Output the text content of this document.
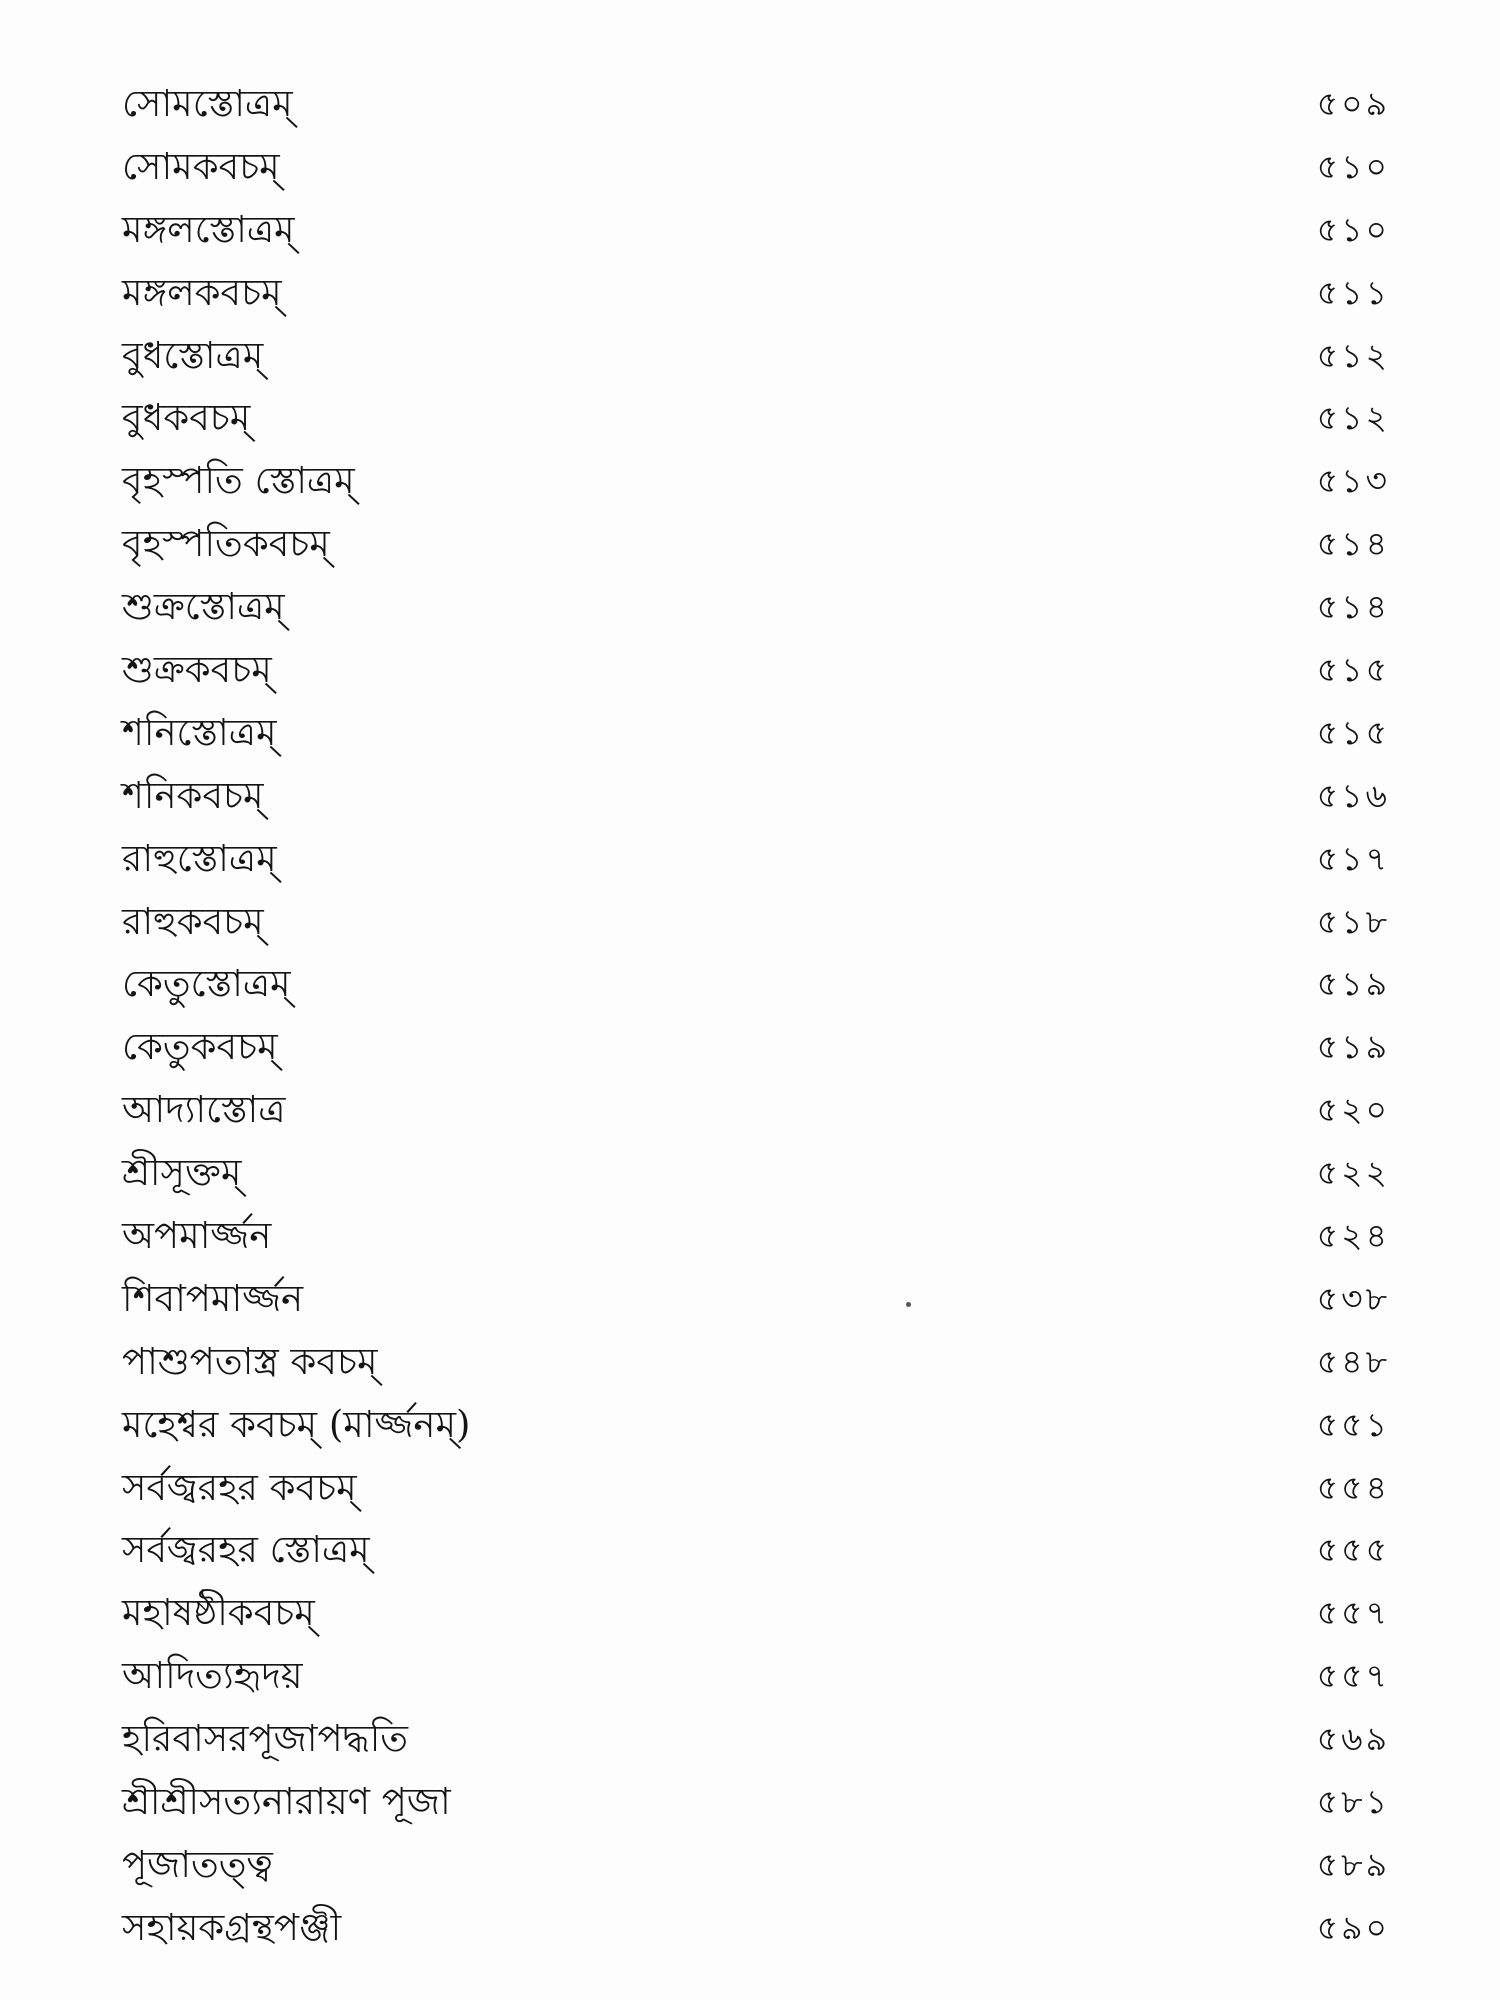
সোমস্তোত্রম্	৫০৯
সোমকবচম্	৫১০
মঙ্গলস্তোত্রম্	৫১০
মঙ্গলকবচম্	৫১১
বুধস্তোত্রম্	৫১২
বুধকবচম্	৫১২
বৃহস্পতি স্তোত্রম্	৫১৩
বৃহস্পতিকবচম্	৫১৪
শুক্রস্তোত্রম্	৫১৪
শুক্রকবচম্	৫১৫
শনিস্তোত্রম্	৫১৫
শনিকবচম্	৫১৬
রাহুস্তোত্রম্	৫১৭
রাহুকবচম্	৫১৮
কেতুস্তোত্রম্	৫১৯
কেতুকবচম্	৫১৯
আদ্যাস্তোত্র	৫২০
শ্রীসূক্তম্	৫২২
অপমার্জ্জন	৫২৪
শিবাপমার্জ্জন	৫৩৮
পাশুপতাস্ত্র কবচম্	৫৪৮
মহেশ্বর কবচম্ (মার্জ্জনম্)	৫৫১
সর্বজ্বরহর কবচম্	৫৫৪
সর্বজ্বরহর স্তোত্রম্	৫৫৫
মহাষষ্ঠীকবচম্	৫৫৭
আদিত্যহৃদয়	৫৫৭
হরিবাসরপূজাপদ্ধতি	৫৬৯
শ্রীশ্রীসত্যনারায়ণ পূজা	৫৮১
পূজাতত্ত্ব	৫৮৯
সহায়কগ্রন্থপঞ্জী	৫৯০
